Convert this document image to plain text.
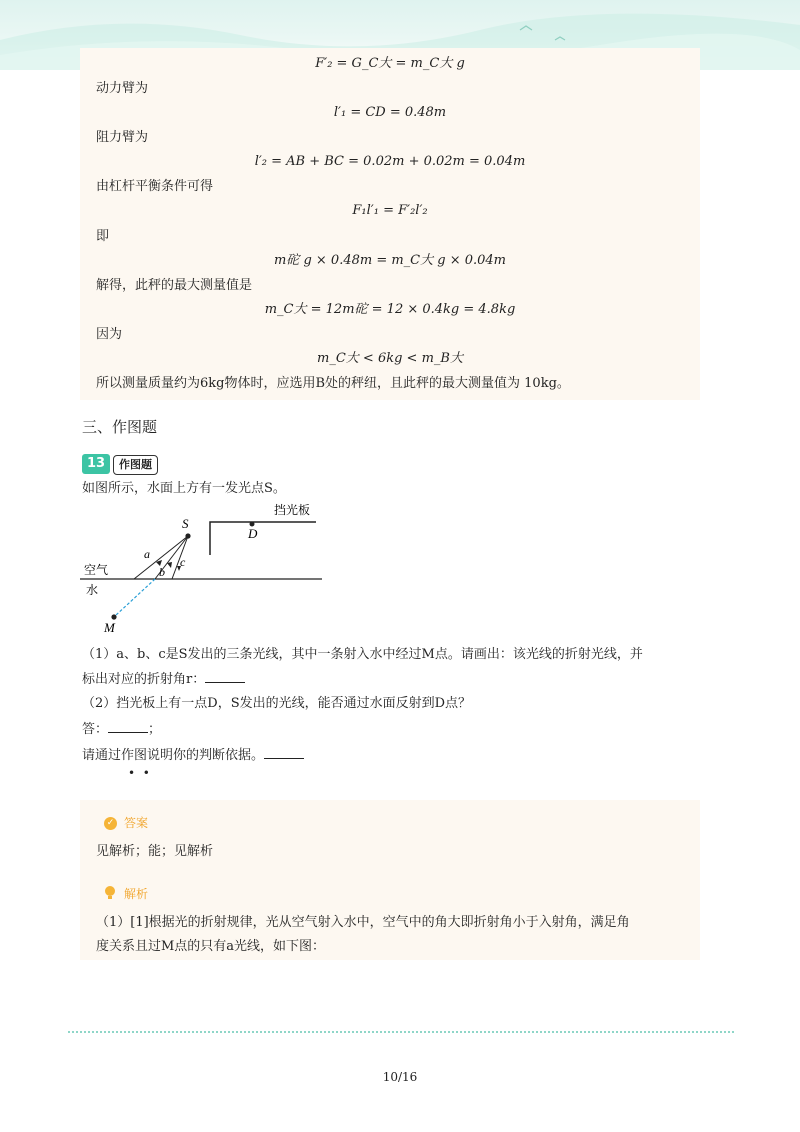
F′₂ = G_C大 = m_C大 g
动力臂为
l′₁ = CD = 0.48m
阻力臂为
l′₂ = AB + BC = 0.02m + 0.02m = 0.04m
由杠杆平衡条件可得
F₁l′₁ = F′₂l′₂
即
m砣 g × 0.48m = m_C大 g × 0.04m
解得，此秤的最大测量值是
m_C大 = 12m砣 = 12 × 0.4kg = 4.8kg
因为
m_C大 < 6kg < m_B大
所以测量质量约为6kg物体时，应选用B处的秤纽，且此秤的最大测量值为 10kg。
三、作图题
13	作图题
如图所示，水面上方有一发光点S。
S
D
M
a
b
c
挡光板
空气
水
（1）a、b、c是S发出的三条光线，其中一条射入水中经过M点。请画出：该光线的折射光线，并
标出对应的折射角r：
（2）挡光板上有一点D，S发出的光线，能否通过水面反射到D点？
答：	；
请通过作图说明你的判断依据。
•  •
✓ 答案
见解析；能；见解析
解析
（1）[1]根据光的折射规律，光从空气射入水中，空气中的角大即折射角小于入射角，满足角
度关系且过M点的只有a光线，如下图：
10/16
